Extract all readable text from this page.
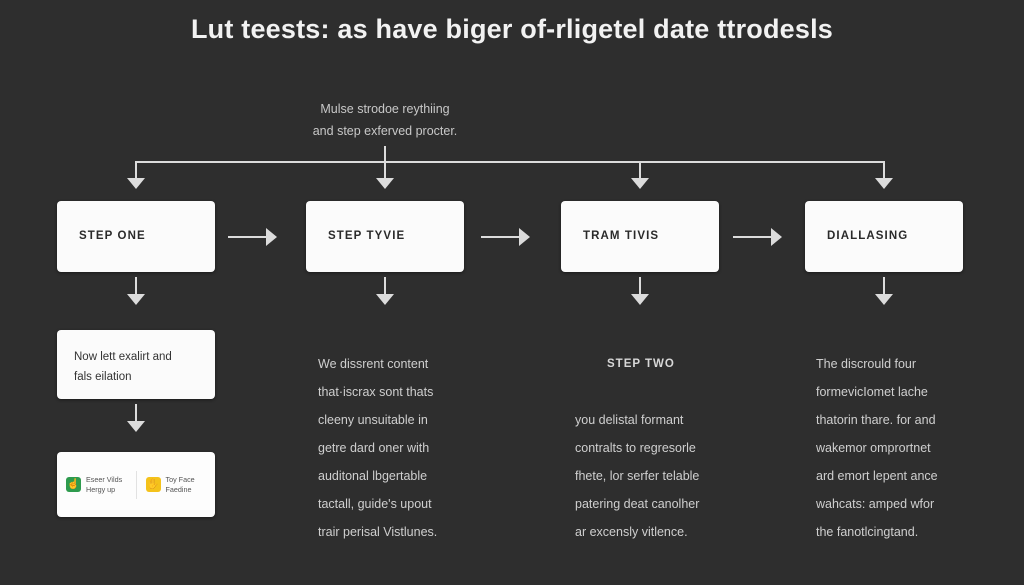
Lut teests: as have biger of-rligetel date ttrodesls
Mulse strodoe reythiing
and step exferved procter.
STEP ONE	STEP TYVIE	TRAM TIVIS	DIALLASING
Now lett exalirt and
fals eilation
☝ Eseer Vilds
Hergy up	✋ Toy Face
Faedine
We dissrent content
that·iscrax sont thats
cleeny unsuitable in
getre dard oner with
auditonal lbgertable
tactall, guide's upout
trair perisal Vistlunes.
STEP TWO
you delistal formant
contralts to regresorle
fhete, lor serfer telable
patering deat canolher
ar excensly vitlence.
The discrould four
formevicIomet lache
thatorin thare. for and
wakemor omprortnet
ard emort lepent ance
wahcats: amped wfor
the fanotlcingtand.
